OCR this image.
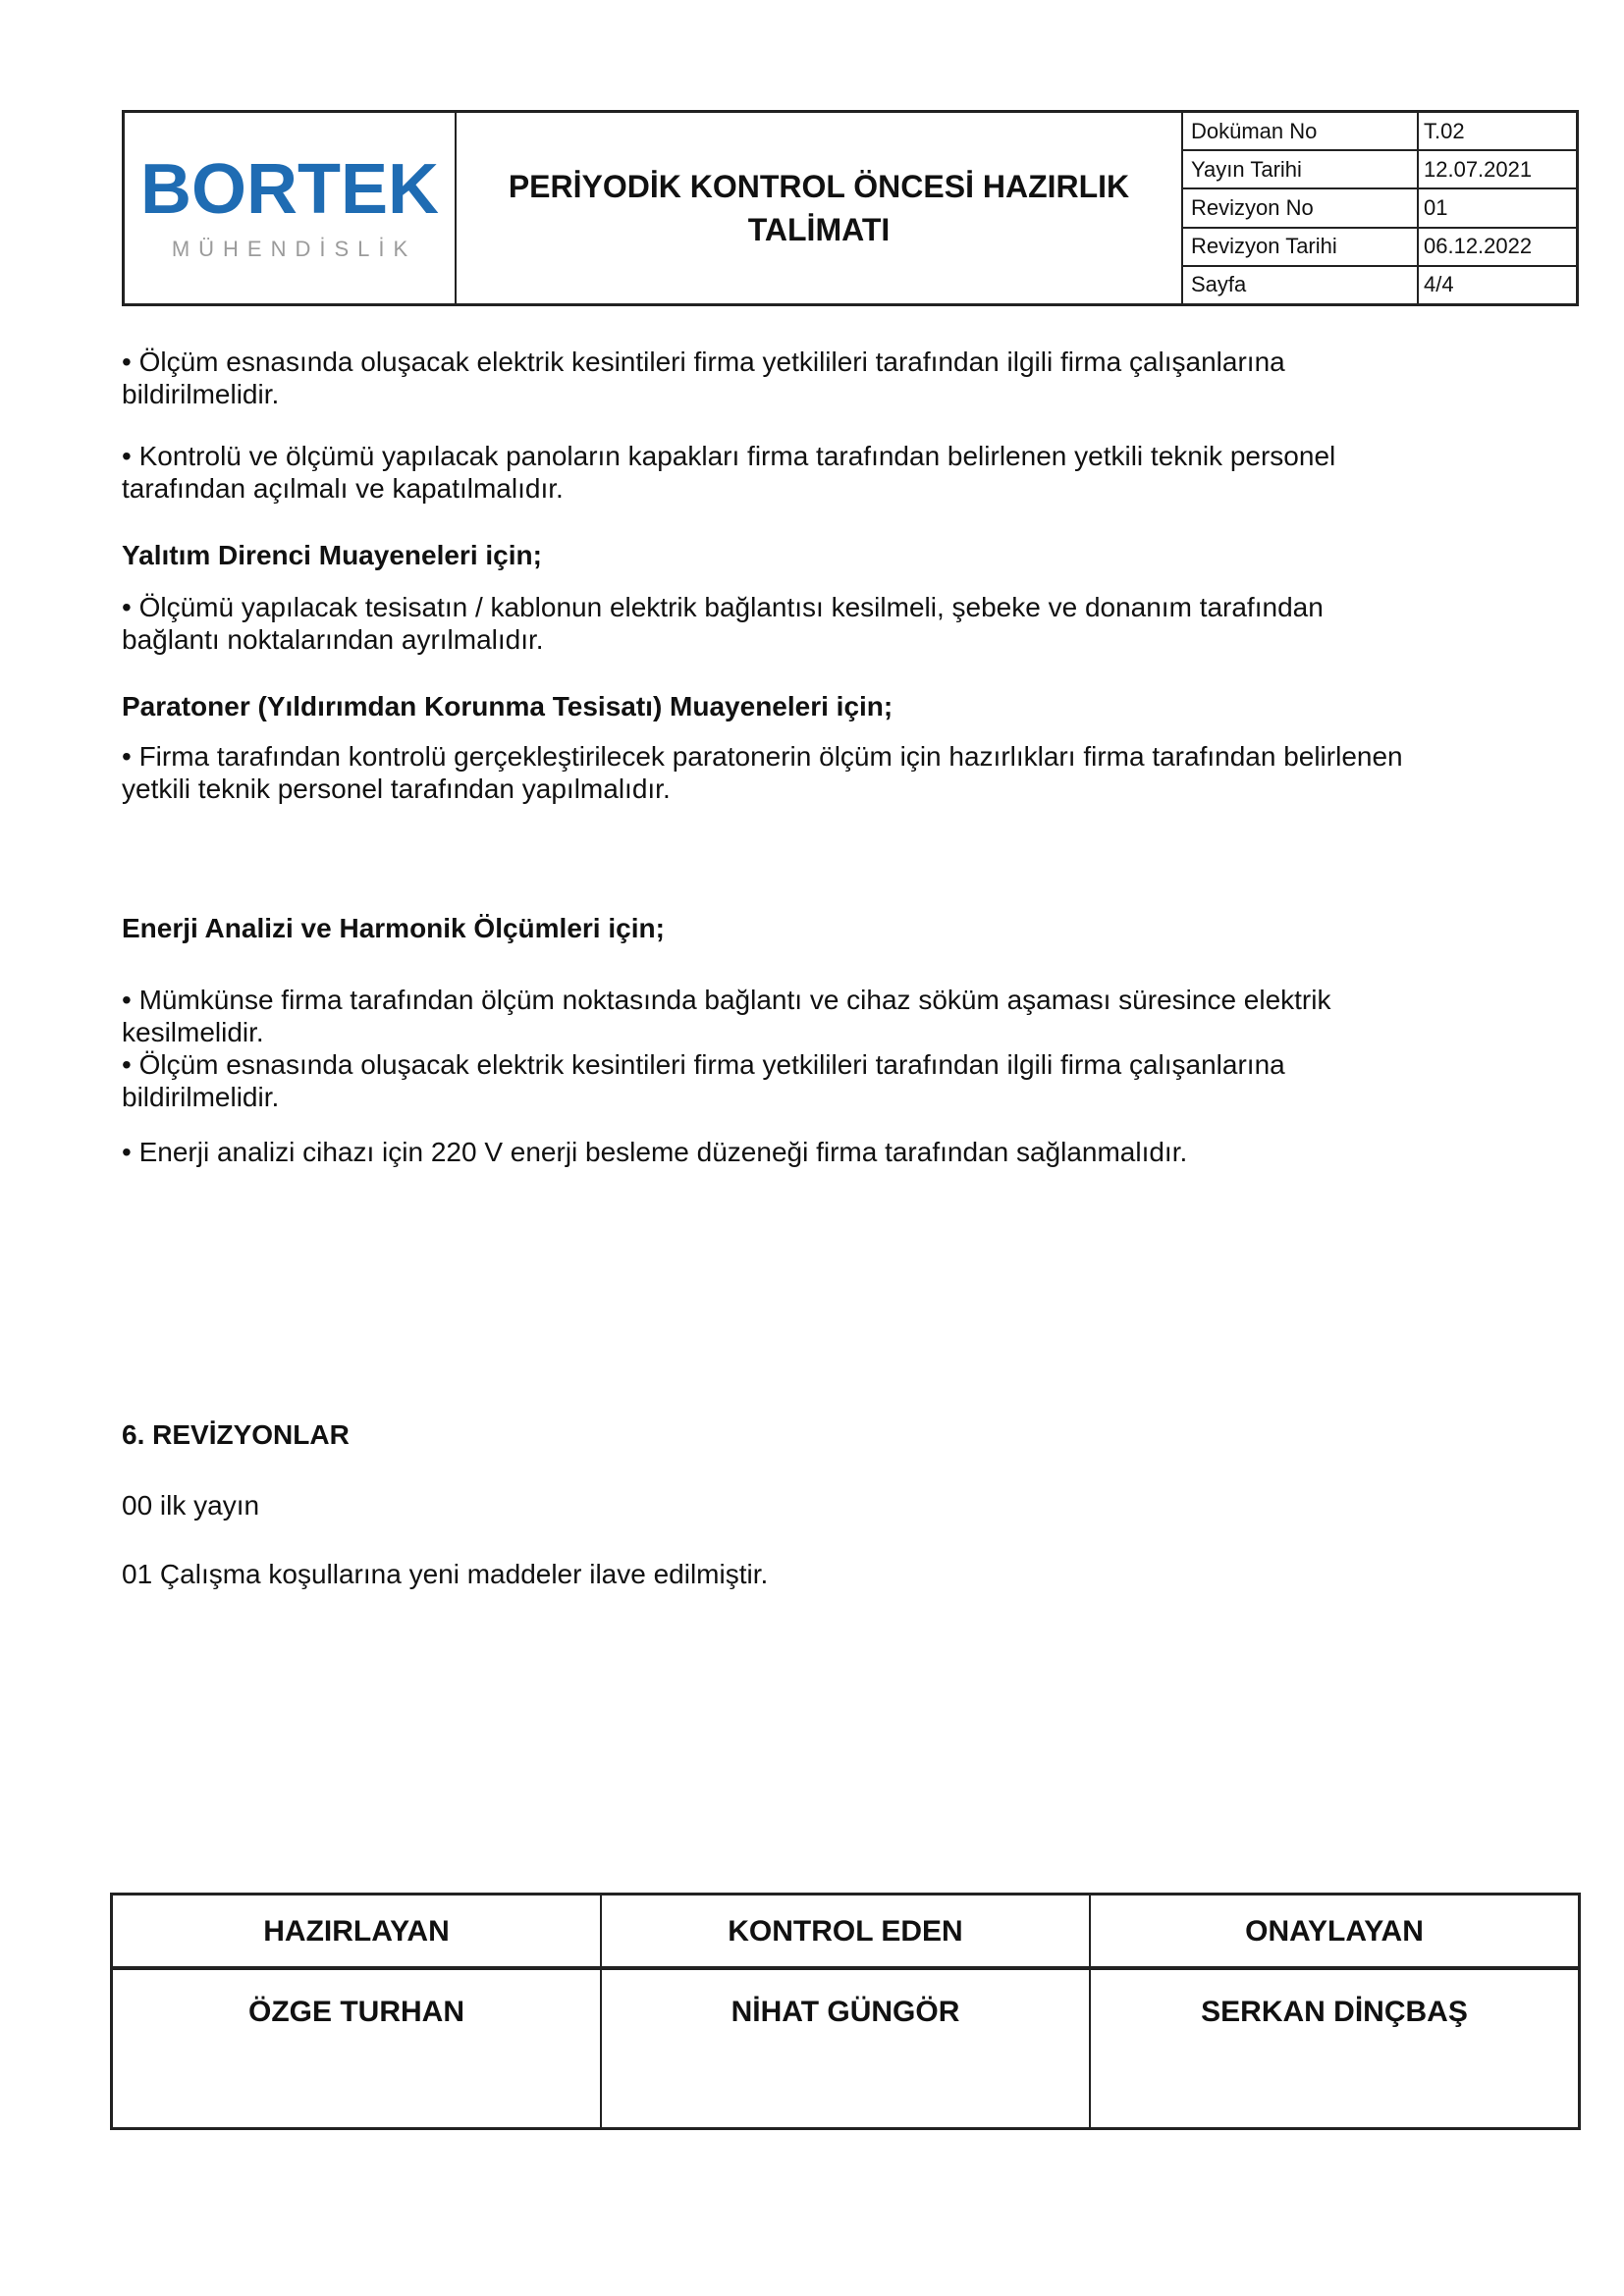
BORTEK
MÜHENDİSLİK
PERİYODİK KONTROL ÖNCESİ HAZIRLIK
TALİMATI
Doküman No	T.02
Yayın Tarihi	12.07.2021
Revizyon No	01
Revizyon Tarihi	06.12.2022
Sayfa	4/4
• Ölçüm esnasında oluşacak elektrik kesintileri firma yetkilileri tarafından ilgili firma çalışanlarına
bildirilmelidir.
• Kontrolü ve ölçümü yapılacak panoların kapakları firma tarafından belirlenen yetkili teknik personel
tarafından açılmalı ve kapatılmalıdır.
Yalıtım Direnci Muayeneleri için;
• Ölçümü yapılacak tesisatın / kablonun elektrik bağlantısı kesilmeli, şebeke ve donanım tarafından
bağlantı noktalarından ayrılmalıdır.
Paratoner (Yıldırımdan Korunma Tesisatı) Muayeneleri için;
• Firma tarafından kontrolü gerçekleştirilecek paratonerin ölçüm için hazırlıkları firma tarafından belirlenen
yetkili teknik personel tarafından yapılmalıdır.
Enerji Analizi ve Harmonik Ölçümleri için;
• Mümkünse firma tarafından ölçüm noktasında bağlantı ve cihaz söküm aşaması süresince elektrik
kesilmelidir.
• Ölçüm esnasında oluşacak elektrik kesintileri firma yetkilileri tarafından ilgili firma çalışanlarına
bildirilmelidir.
• Enerji analizi cihazı için 220 V enerji besleme düzeneği firma tarafından sağlanmalıdır.
6. REVİZYONLAR
00 ilk yayın
01 Çalışma koşullarına yeni maddeler ilave edilmiştir.
HAZIRLAYAN	KONTROL EDEN	ONAYLAYAN
ÖZGE TURHAN	NİHAT GÜNGÖR	SERKAN DİNÇBAŞ
